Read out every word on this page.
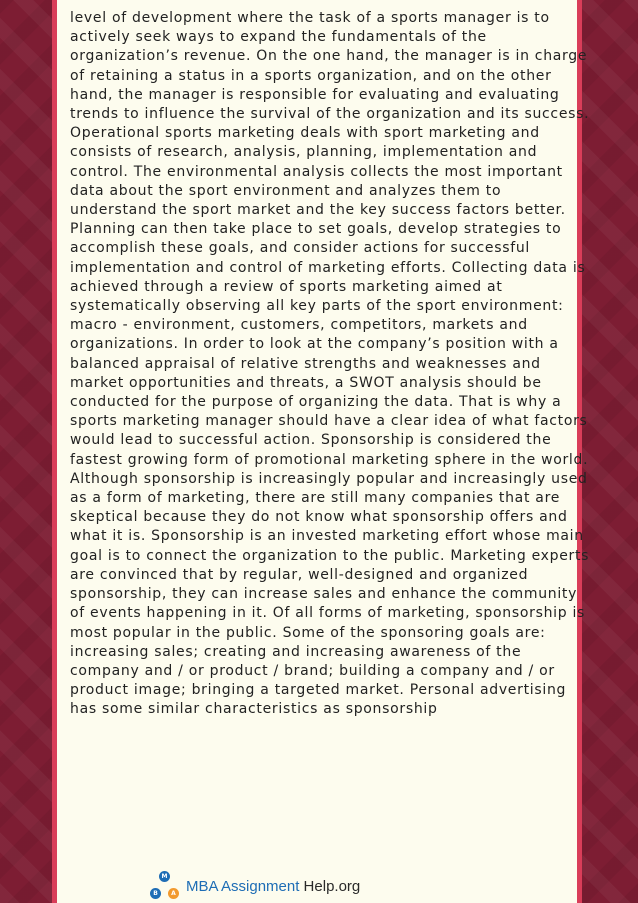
level of development where the task of a sports manager is to actively seek ways to expand the fundamentals of the organization’s revenue. On the one hand, the manager is in charge of retaining a status in a sports organization, and on the other hand, the manager is responsible for evaluating and evaluating trends to influence the survival of the organization and its success.

Operational sports marketing deals with sport marketing and consists of research, analysis, planning, implementation and control. The environmental analysis collects the most important data about the sport environment and analyzes them to understand the sport market and the key success factors better. Planning can then take place to set goals, develop strategies to accomplish these goals, and consider actions for successful implementation and control of marketing efforts. Collecting data is achieved through a review of sports marketing aimed at systematically observing all key parts of the sport environment: macro - environment, customers, competitors, markets and organizations. In order to look at the company’s position with a balanced appraisal of relative strengths and weaknesses and market opportunities and threats, a SWOT analysis should be conducted for the purpose of organizing the data. That is why a sports marketing manager should have a clear idea of what factors would lead to successful action. Sponsorship is considered the fastest growing form of promotional marketing sphere in the world. Although sponsorship is increasingly popular and increasingly used as a form of marketing, there are still many companies that are skeptical because they do not know what sponsorship offers and what it is. Sponsorship is an invested marketing effort whose main goal is to connect the organization to the public. Marketing experts are convinced that by regular, well-designed and organized sponsorship, they can increase sales and enhance the community of events happening in it. Of all forms of marketing, sponsorship is most popular in the public. Some of the sponsoring goals are: increasing sales; creating and increasing awareness of the company and / or product / brand; building a company and / or product image; bringing a targeted market. Personal advertising has some similar characteristics as sponsorship

M
B	A MBA Assignment Help.org
